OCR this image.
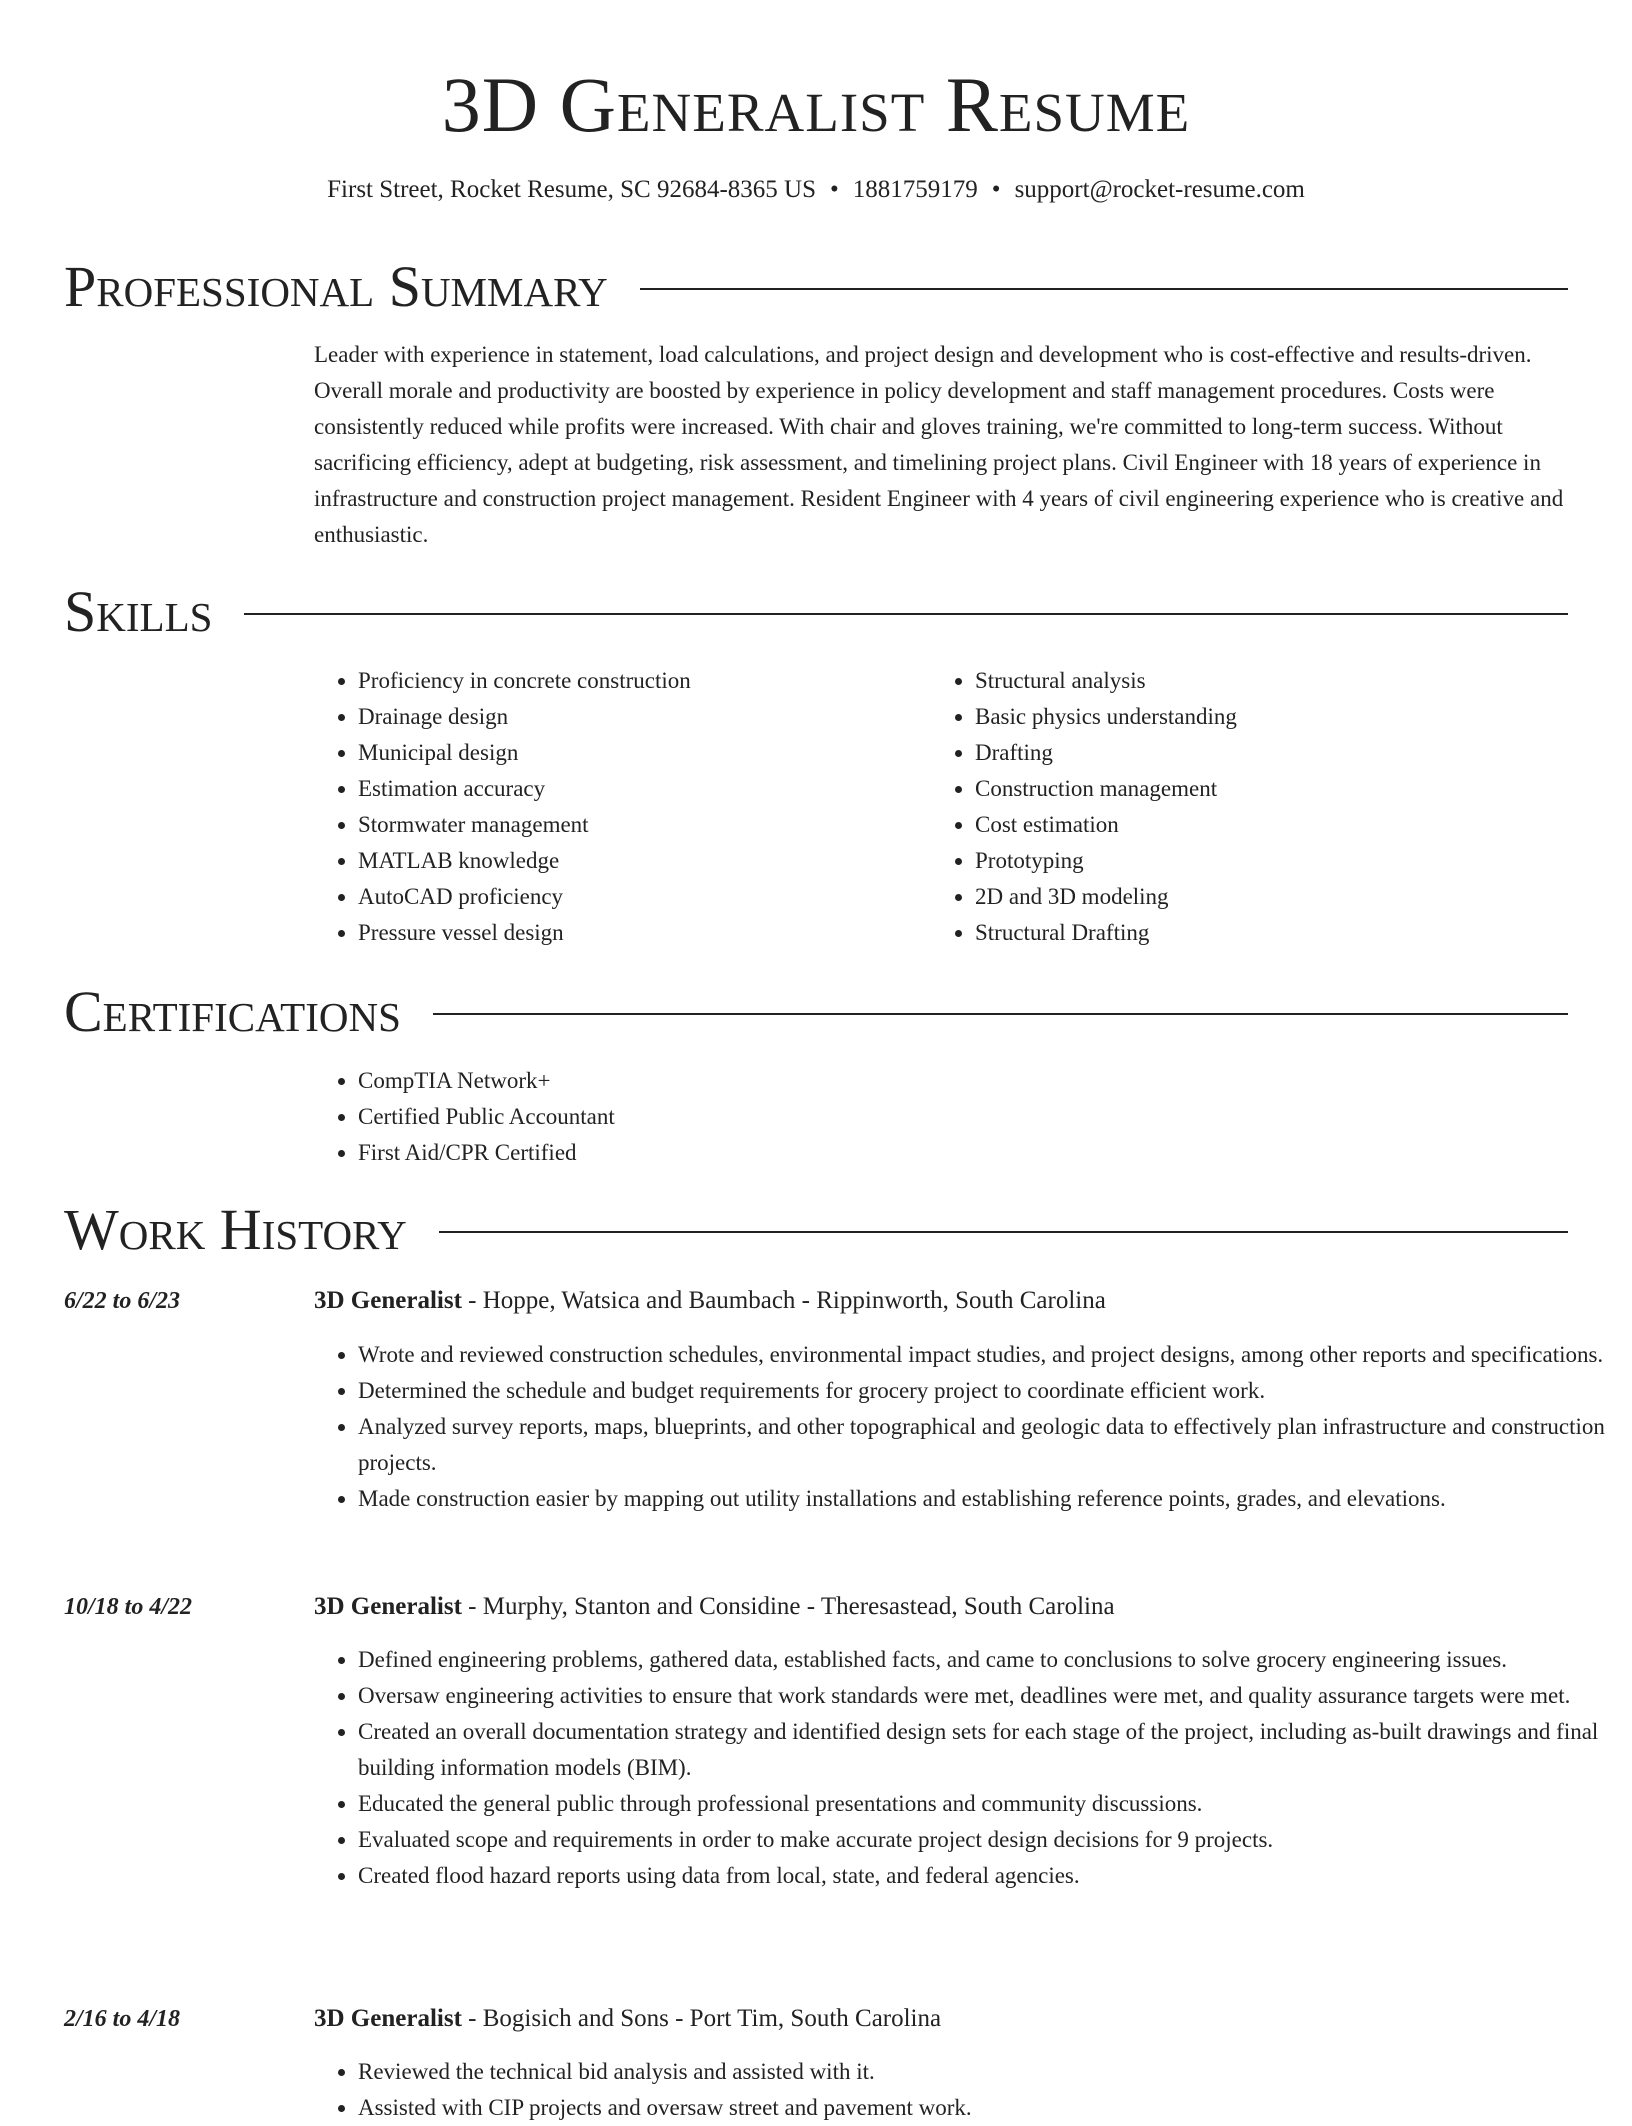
3D Generalist Resume
First Street, Rocket Resume, SC 92684-8365 US • 1881759179 • support@rocket-resume.com
Professional Summary

Leader with experience in statement, load calculations, and project design and development who is cost-effective and results-driven. Overall morale and productivity are boosted by experience in policy development and staff management procedures. Costs were consistently reduced while profits were increased. With chair and gloves training, we're committed to long-term success. Without sacrificing efficiency, adept at budgeting, risk assessment, and timelining project plans. Civil Engineer with 18 years of experience in infrastructure and construction project management. Resident Engineer with 4 years of civil engineering experience who is creative and enthusiastic.

Skills
• Proficiency in concrete construction
• Drainage design
• Municipal design
• Estimation accuracy
• Stormwater management
• MATLAB knowledge
• AutoCAD proficiency
• Pressure vessel design
• Structural analysis
• Basic physics understanding
• Drafting
• Construction management
• Cost estimation
• Prototyping
• 2D and 3D modeling
• Structural Drafting
Certifications
• CompTIA Network+
• Certified Public Accountant
• First Aid/CPR Certified
Work History
6/22 to 6/23	3D Generalist - Hoppe, Watsica and Baumbach - Rippinworth, South Carolina
• Wrote and reviewed construction schedules, environmental impact studies, and project designs, among other reports and specifications.
• Determined the schedule and budget requirements for grocery project to coordinate efficient work.
• Analyzed survey reports, maps, blueprints, and other topographical and geologic data to effectively plan infrastructure and construction projects.
• Made construction easier by mapping out utility installations and establishing reference points, grades, and elevations.
10/18 to 4/22	3D Generalist - Murphy, Stanton and Considine - Theresastead, South Carolina
• Defined engineering problems, gathered data, established facts, and came to conclusions to solve grocery engineering issues.
• Oversaw engineering activities to ensure that work standards were met, deadlines were met, and quality assurance targets were met.
• Created an overall documentation strategy and identified design sets for each stage of the project, including as-built drawings and final building information models (BIM).
• Educated the general public through professional presentations and community discussions.
• Evaluated scope and requirements in order to make accurate project design decisions for 9 projects.
• Created flood hazard reports using data from local, state, and federal agencies.
2/16 to 4/18	3D Generalist - Bogisich and Sons - Port Tim, South Carolina
• Reviewed the technical bid analysis and assisted with it.
• Assisted with CIP projects and oversaw street and pavement work.
